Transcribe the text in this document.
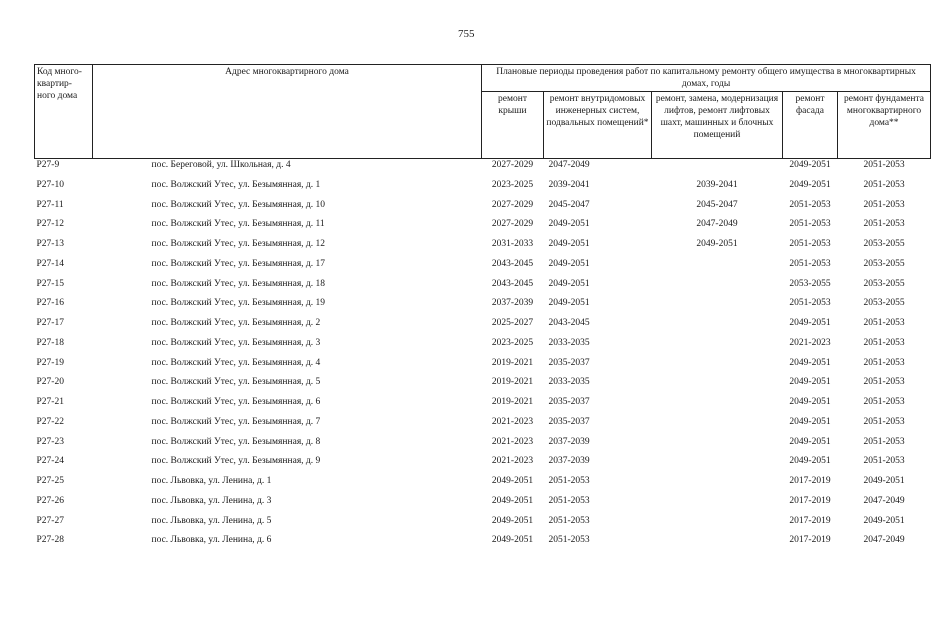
755
Код много-квартир-ного дома	Адрес многоквартирного дома	Плановые периоды проведения работ по капитальному ремонту общего имущества в многоквартирных домах, годы				
		ремонт крыши	ремонт внутридомовых инженерных систем, подвальных помещений*	ремонт, замена, модернизация лифтов, ремонт лифтовых шахт, машинных и блочных помещений	ремонт фасада	ремонт фундамента многоквартирного дома**
Р27-9	пос. Береговой, ул. Школьная, д. 4	2027-2029	2047-2049		2049-2051	2051-2053
Р27-10	пос. Волжский Утес, ул. Безымянная, д. 1	2023-2025	2039-2041	2039-2041	2049-2051	2051-2053
Р27-11	пос. Волжский Утес, ул. Безымянная, д. 10	2027-2029	2045-2047	2045-2047	2051-2053	2051-2053
Р27-12	пос. Волжский Утес, ул. Безымянная, д. 11	2027-2029	2049-2051	2047-2049	2051-2053	2051-2053
Р27-13	пос. Волжский Утес, ул. Безымянная, д. 12	2031-2033	2049-2051	2049-2051	2051-2053	2053-2055
Р27-14	пос. Волжский Утес, ул. Безымянная, д. 17	2043-2045	2049-2051		2051-2053	2053-2055
Р27-15	пос. Волжский Утес, ул. Безымянная, д. 18	2043-2045	2049-2051		2053-2055	2053-2055
Р27-16	пос. Волжский Утес, ул. Безымянная, д. 19	2037-2039	2049-2051		2051-2053	2053-2055
Р27-17	пос. Волжский Утес, ул. Безымянная, д. 2	2025-2027	2043-2045		2049-2051	2051-2053
Р27-18	пос. Волжский Утес, ул. Безымянная, д. 3	2023-2025	2033-2035		2021-2023	2051-2053
Р27-19	пос. Волжский Утес, ул. Безымянная, д. 4	2019-2021	2035-2037		2049-2051	2051-2053
Р27-20	пос. Волжский Утес, ул. Безымянная, д. 5	2019-2021	2033-2035		2049-2051	2051-2053
Р27-21	пос. Волжский Утес, ул. Безымянная, д. 6	2019-2021	2035-2037		2049-2051	2051-2053
Р27-22	пос. Волжский Утес, ул. Безымянная, д. 7	2021-2023	2035-2037		2049-2051	2051-2053
Р27-23	пос. Волжский Утес, ул. Безымянная, д. 8	2021-2023	2037-2039		2049-2051	2051-2053
Р27-24	пос. Волжский Утес, ул. Безымянная, д. 9	2021-2023	2037-2039		2049-2051	2051-2053
Р27-25	пос. Львовка, ул. Ленина, д. 1	2049-2051	2051-2053		2017-2019	2049-2051
Р27-26	пос. Львовка, ул. Ленина, д. 3	2049-2051	2051-2053		2017-2019	2047-2049
Р27-27	пос. Львовка, ул. Ленина, д. 5	2049-2051	2051-2053		2017-2019	2049-2051
Р27-28	пос. Львовка, ул. Ленина, д. 6	2049-2051	2051-2053		2017-2019	2047-2049
